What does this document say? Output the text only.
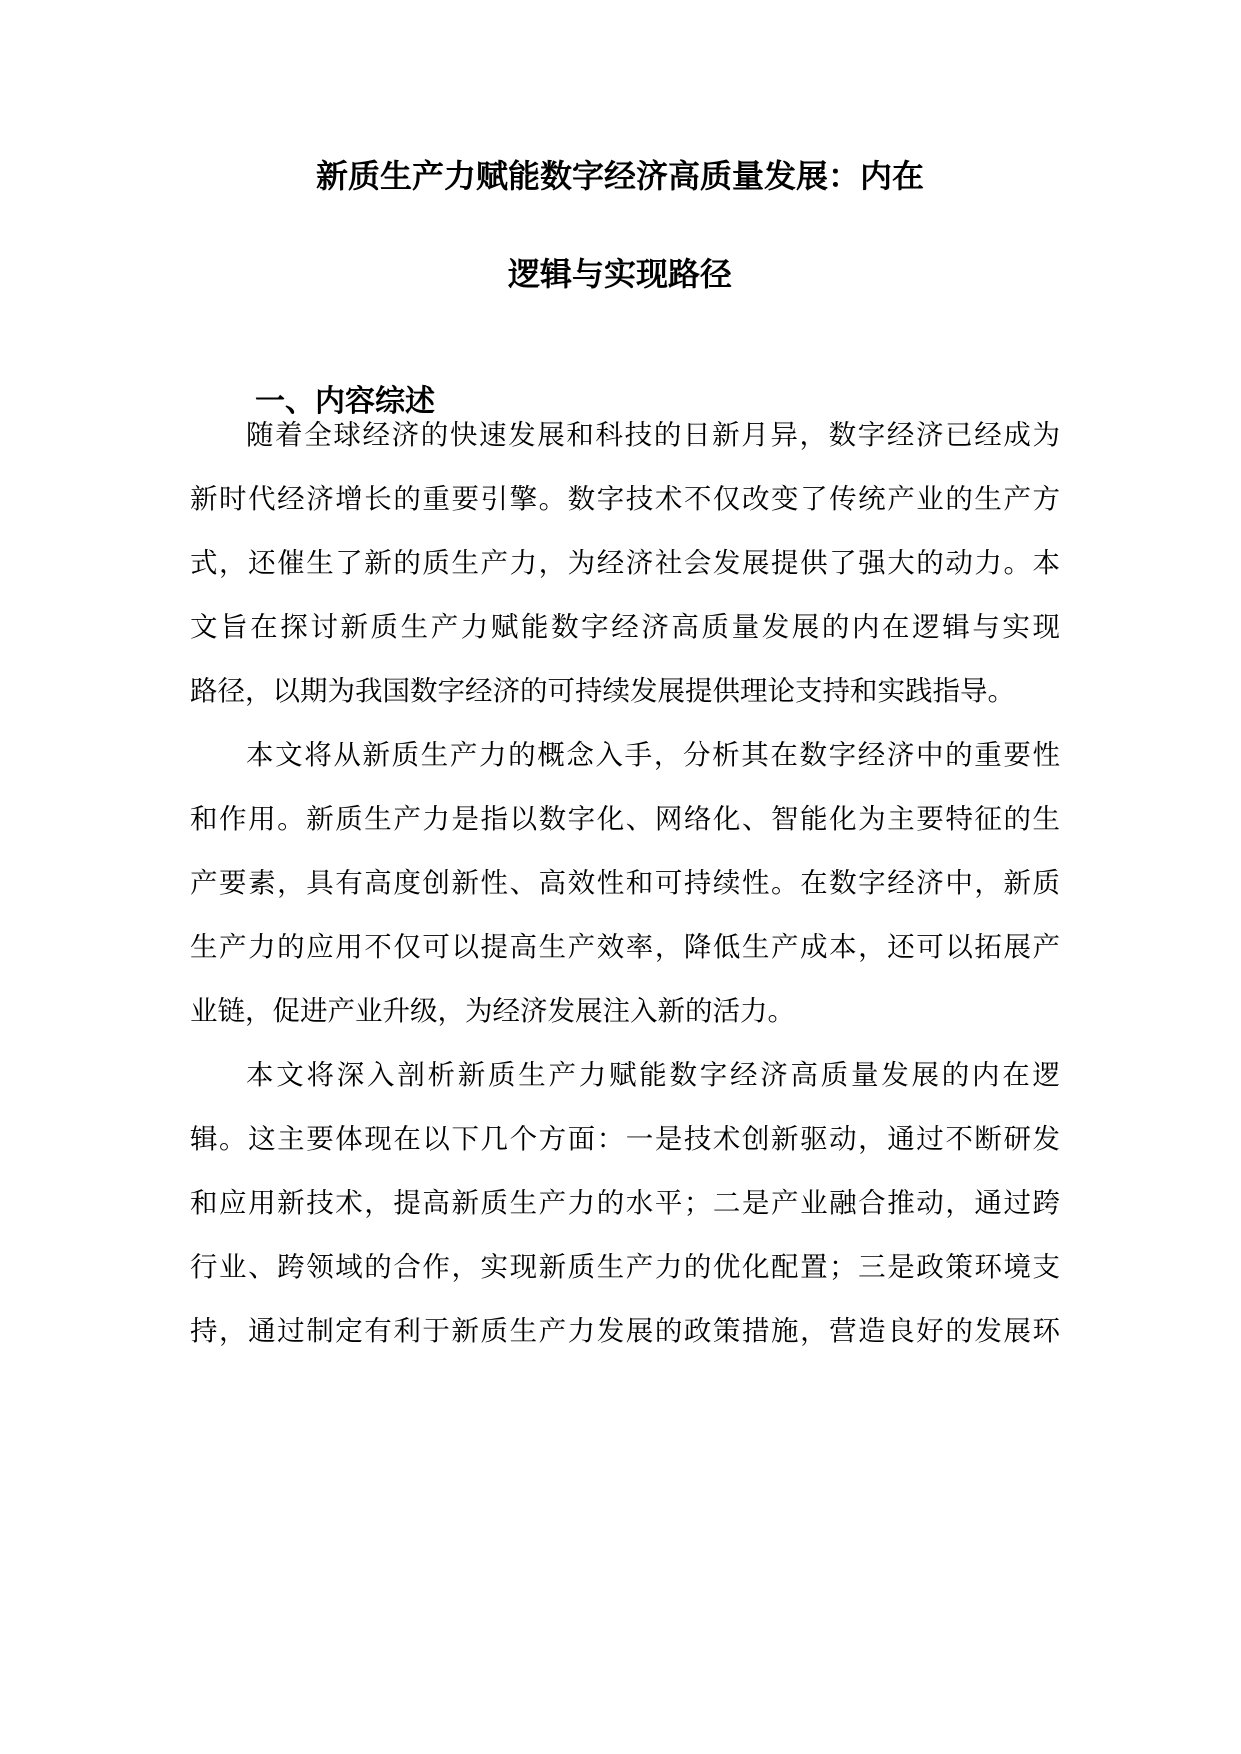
新质生产力赋能数字经济高质量发展：内在
逻辑与实现路径
一、内容综述
随着全球经济的快速发展和科技的日新月异，数字经济已经成为
新时代经济增长的重要引擎。数字技术不仅改变了传统产业的生产方
式，还催生了新的质生产力，为经济社会发展提供了强大的动力。本
文旨在探讨新质生产力赋能数字经济高质量发展的内在逻辑与实现
路径，以期为我国数字经济的可持续发展提供理论支持和实践指导。
本文将从新质生产力的概念入手，分析其在数字经济中的重要性
和作用。新质生产力是指以数字化、网络化、智能化为主要特征的生
产要素，具有高度创新性、高效性和可持续性。在数字经济中，新质
生产力的应用不仅可以提高生产效率，降低生产成本，还可以拓展产
业链，促进产业升级，为经济发展注入新的活力。
本文将深入剖析新质生产力赋能数字经济高质量发展的内在逻
辑。这主要体现在以下几个方面：一是技术创新驱动，通过不断研发
和应用新技术，提高新质生产力的水平；二是产业融合推动，通过跨
行业、跨领域的合作，实现新质生产力的优化配置；三是政策环境支
持，通过制定有利于新质生产力发展的政策措施，营造良好的发展环
